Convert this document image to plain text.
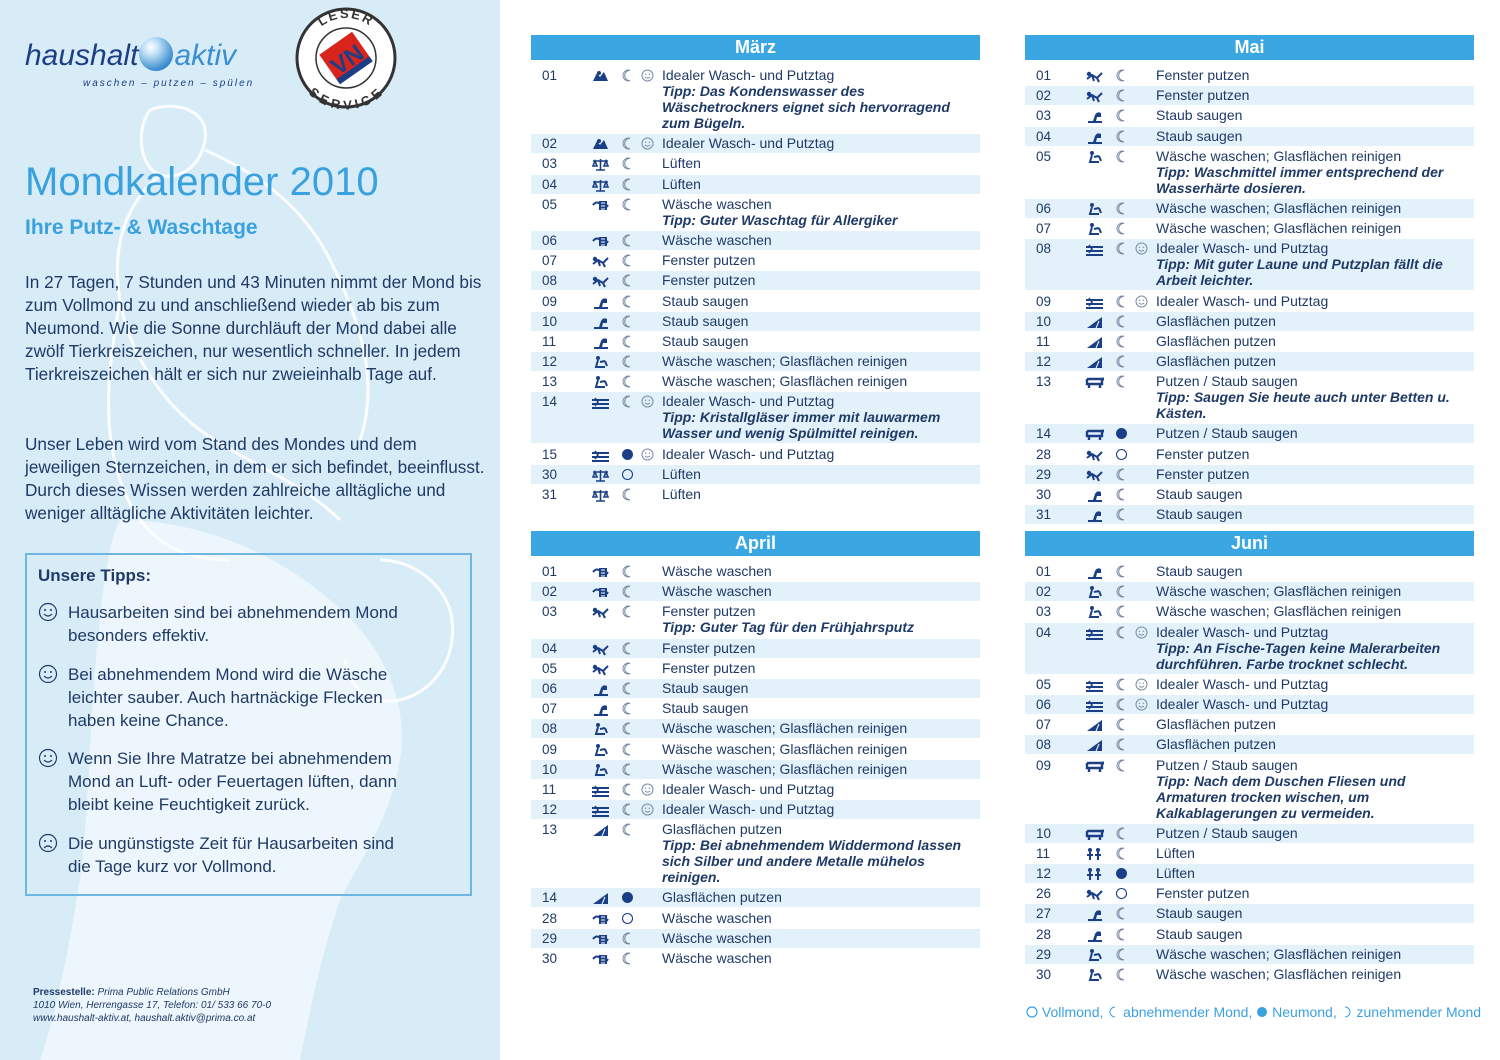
haushalt aktiv
waschen – putzen – spülen
LESER
SERVICE
VN
Mondkalender 2010
Ihre Putz- & Waschtage

In 27 Tagen, 7 Stunden und 43 Minuten nimmt der Mond bis zum Vollmond zu und anschließend wieder ab bis zum Neumond. Wie die Sonne durchläuft der Mond dabei alle zwölf Tierkreiszeichen, nur wesentlich schneller. In jedem Tierkreiszeichen hält er sich nur zweieinhalb Tage auf.

Unser Leben wird vom Stand des Mondes und dem jeweiligen Sternzeichen, in dem er sich befindet, beeinflusst. Durch dieses Wissen werden zahlreiche alltägliche und weniger alltägliche Aktivitäten leichter.

Unsere Tipps:
Hausarbeiten sind bei abnehmendem Mond besonders effektiv.
Bei abnehmendem Mond wird die Wäsche leichter sauber. Auch hartnäckige Flecken haben keine Chance.
Wenn Sie Ihre Matratze bei abnehmendem Mond an Luft- oder Feuertagen lüften, dann bleibt keine Feuchtigkeit zurück.
Die ungünstigste Zeit für Hausarbeiten sind die Tage kurz vor Vollmond.
Pressestelle: Prima Public Relations GmbH
1010 Wien, Herrengasse 17, Telefon: 01/ 533 66 70-0
www.haushalt-aktiv.at, haushalt.aktiv@prima.co.at
März
01	Idealer Wasch- und Putztag
Tipp: Das Kondenswasser des Wäschetrockners eignet sich hervorragend zum Bügeln.
02	Idealer Wasch- und Putztag
03	Lüften
04	Lüften
05	Wäsche waschen
Tipp: Guter Waschtag für Allergiker
06	Wäsche waschen
07	Fenster putzen
08	Fenster putzen
09	Staub saugen
10	Staub saugen
11	Staub saugen
12	Wäsche waschen; Glasflächen reinigen
13	Wäsche waschen; Glasflächen reinigen
14	Idealer Wasch- und Putztag
Tipp: Kristallgläser immer mit lauwarmem Wasser und wenig Spülmittel reinigen.
15	Idealer Wasch- und Putztag
30	Lüften
31	Lüften
Mai
01	Fenster putzen
02	Fenster putzen
03	Staub saugen
04	Staub saugen
05	Wäsche waschen; Glasflächen reinigen
Tipp: Waschmittel immer entsprechend der Wasserhärte dosieren.
06	Wäsche waschen; Glasflächen reinigen
07	Wäsche waschen; Glasflächen reinigen
08	Idealer Wasch- und Putztag
Tipp: Mit guter Laune und Putzplan fällt die Arbeit leichter.
09	Idealer Wasch- und Putztag
10	Glasflächen putzen
11	Glasflächen putzen
12	Glasflächen putzen
13	Putzen / Staub saugen
Tipp: Saugen Sie heute auch unter Betten u. Kästen.
14	Putzen / Staub saugen
28	Fenster putzen
29	Fenster putzen
30	Staub saugen
31	Staub saugen
April
01	Wäsche waschen
02	Wäsche waschen
03	Fenster putzen
Tipp: Guter Tag für den Frühjahrsputz
04	Fenster putzen
05	Fenster putzen
06	Staub saugen
07	Staub saugen
08	Wäsche waschen; Glasflächen reinigen
09	Wäsche waschen; Glasflächen reinigen
10	Wäsche waschen; Glasflächen reinigen
11	Idealer Wasch- und Putztag
12	Idealer Wasch- und Putztag
13	Glasflächen putzen
Tipp: Bei abnehmendem Widdermond lassen sich Silber und andere Metalle mühelos reinigen.
14	Glasflächen putzen
28	Wäsche waschen
29	Wäsche waschen
30	Wäsche waschen
Juni
01	Staub saugen
02	Wäsche waschen; Glasflächen reinigen
03	Wäsche waschen; Glasflächen reinigen
04	Idealer Wasch- und Putztag
Tipp: An Fische-Tagen keine Malerarbeiten durchführen. Farbe trocknet schlecht.
05	Idealer Wasch- und Putztag
06	Idealer Wasch- und Putztag
07	Glasflächen putzen
08	Glasflächen putzen
09	Putzen / Staub saugen
Tipp: Nach dem Duschen Fliesen und Armaturen trocken wischen, um Kalkablagerungen zu vermeiden.
10	Putzen / Staub saugen
11	Lüften
12	Lüften
26	Fenster putzen
27	Staub saugen
28	Staub saugen
29	Wäsche waschen; Glasflächen reinigen
30	Wäsche waschen; Glasflächen reinigen
Vollmond, abnehmender Mond, Neumond, zunehmender Mond
